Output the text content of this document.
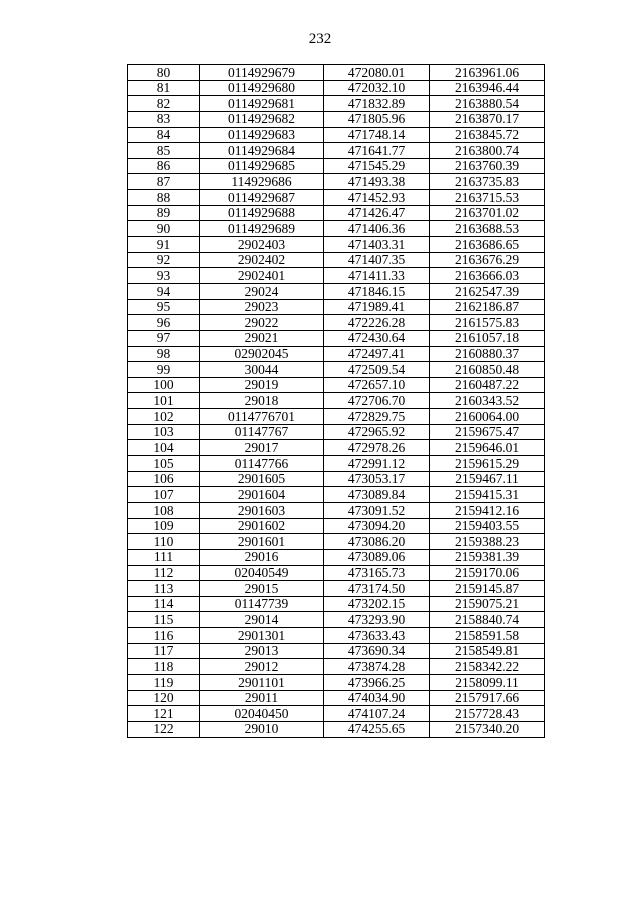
232
80	0114929679	472080.01	2163961.06
81	0114929680	472032.10	2163946.44
82	0114929681	471832.89	2163880.54
83	0114929682	471805.96	2163870.17
84	0114929683	471748.14	2163845.72
85	0114929684	471641.77	2163800.74
86	0114929685	471545.29	2163760.39
87	114929686	471493.38	2163735.83
88	0114929687	471452.93	2163715.53
89	0114929688	471426.47	2163701.02
90	0114929689	471406.36	2163688.53
91	2902403	471403.31	2163686.65
92	2902402	471407.35	2163676.29
93	2902401	471411.33	2163666.03
94	29024	471846.15	2162547.39
95	29023	471989.41	2162186.87
96	29022	472226.28	2161575.83
97	29021	472430.64	2161057.18
98	02902045	472497.41	2160880.37
99	30044	472509.54	2160850.48
100	29019	472657.10	2160487.22
101	29018	472706.70	2160343.52
102	0114776701	472829.75	2160064.00
103	01147767	472965.92	2159675.47
104	29017	472978.26	2159646.01
105	01147766	472991.12	2159615.29
106	2901605	473053.17	2159467.11
107	2901604	473089.84	2159415.31
108	2901603	473091.52	2159412.16
109	2901602	473094.20	2159403.55
110	2901601	473086.20	2159388.23
111	29016	473089.06	2159381.39
112	02040549	473165.73	2159170.06
113	29015	473174.50	2159145.87
114	01147739	473202.15	2159075.21
115	29014	473293.90	2158840.74
116	2901301	473633.43	2158591.58
117	29013	473690.34	2158549.81
118	29012	473874.28	2158342.22
119	2901101	473966.25	2158099.11
120	29011	474034.90	2157917.66
121	02040450	474107.24	2157728.43
122	29010	474255.65	2157340.20
